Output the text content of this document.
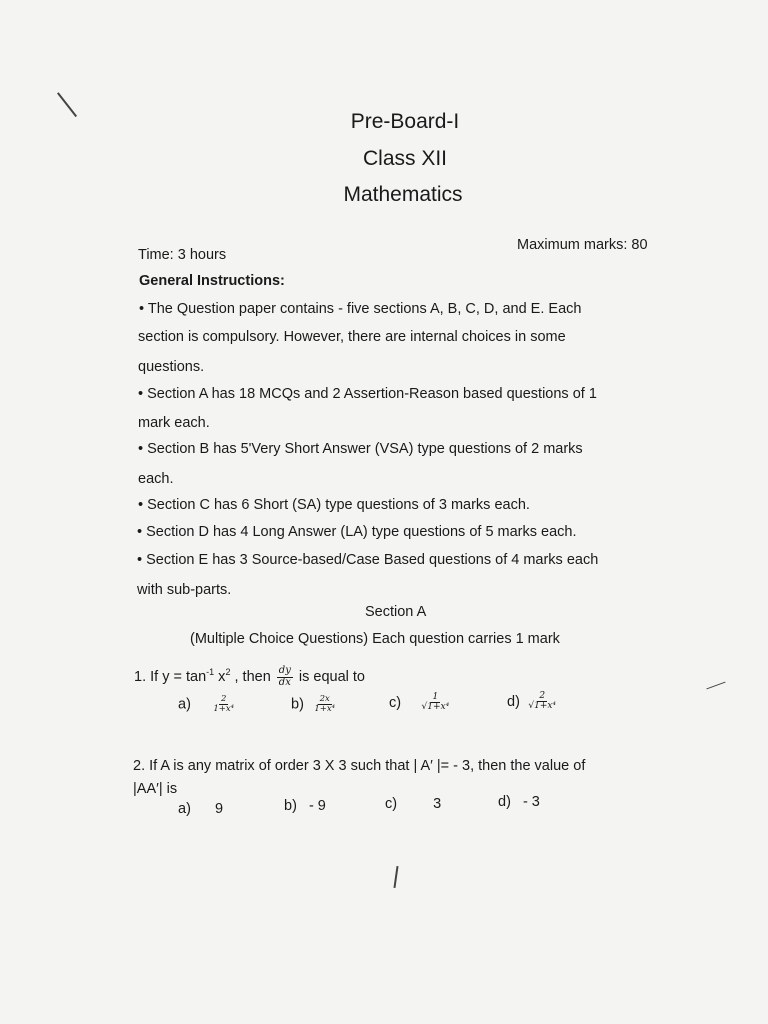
Pre-Board-I
Class XII
Mathematics
Time: 3 hours
Maximum marks: 80
General Instructions:
• The Question paper contains - five sections A, B, C, D, and E. Each
section is compulsory. However, there are internal choices in some
questions.
• Section A has 18 MCQs and 2 Assertion-Reason based questions of 1
mark each.
• Section B has 5'Very Short Answer (VSA) type questions of 2 marks
each.
• Section C has 6 Short (SA) type questions of 3 marks each.
• Section D has 4 Long Answer (LA) type questions of 5 marks each.
• Section E has 3 Source-based/Case Based questions of 4 marks each
with sub-parts.
Section A
(Multiple Choice Questions) Each question carries 1 mark
1. If $y = \tan^{-1} x^2$ , then $\frac{dy}{dx}$ is equal to
$a) \frac{2}{\text{1+x⁴}}$	$b) \frac{2x}{\text{1+x⁴}}$	$c) \frac{1}{\text{√1+x⁴}}$	$d) \frac{2}{\text{√1+x⁴}}$
2. If A is any matrix of order 3 X 3 such that | A′ |= - 3, then the value of
|AA′| is
a) 9	b) - 9	c) 3	d) - 3
